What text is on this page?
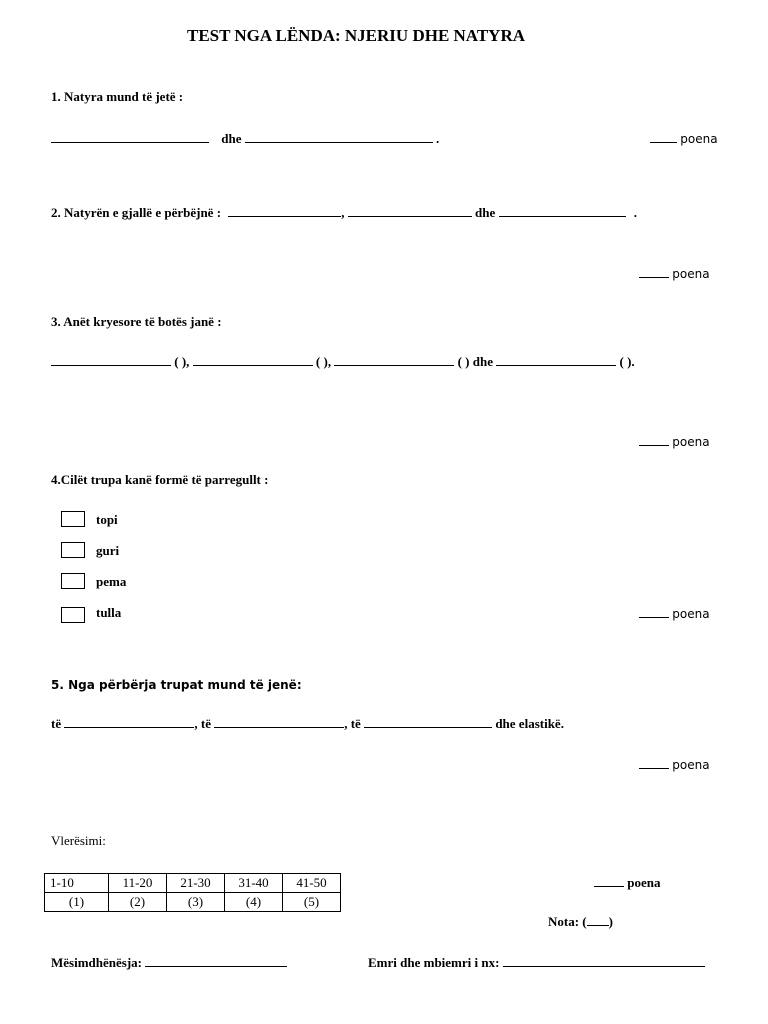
TEST NGA LËNDA: NJERIU DHE NATYRA
1. Natyra mund të jetë :
dhe	.	poena
2. Natyrën e gjallë e përbëjnë :	,	dhe	.
poena
3. Anët kryesore të botës janë :
( ),	( ),	( ) dhe	( ).
poena
4.Cilët trupa kanë formë të parregullt :
topi
guri
pema
tulla	poena
5. Nga përbërja trupat mund të jenë:
të	, të	, të	dhe elastikë.
poena
Vlerësimi:
1-10	11-20	21-30	31-40	41-50
(1)	(2)	(3)	(4)	(5)
poena
Nota: ( )
Mësimdhënësja:	Emri dhe mbiemri i nx:
